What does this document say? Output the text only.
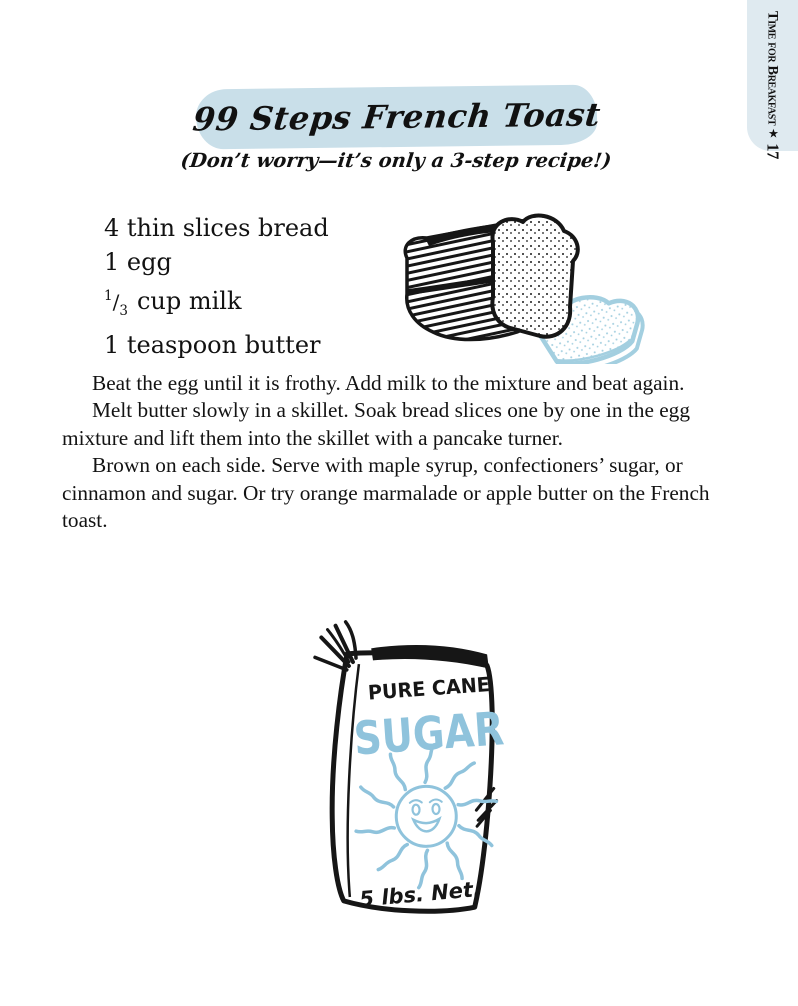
Time for Breakfast ★ 17
99 Steps French Toast
(Don’t worry—it’s only a 3-step recipe!)
4 thin slices bread
1 egg
$^1/_3$ cup milk
1 teaspoon butter

Beat the egg until it is frothy. Add milk to the mixture and beat again.

Melt butter slowly in a skillet. Soak bread slices one by one in the egg mixture and lift them into the skillet with a pancake turner.

Brown on each side. Serve with maple syrup, confectioners’ sugar, or cinnamon and sugar. Or try orange marmalade or apple butter on the French toast.

PURE CANE
SUGAR
5 lbs. Net.
